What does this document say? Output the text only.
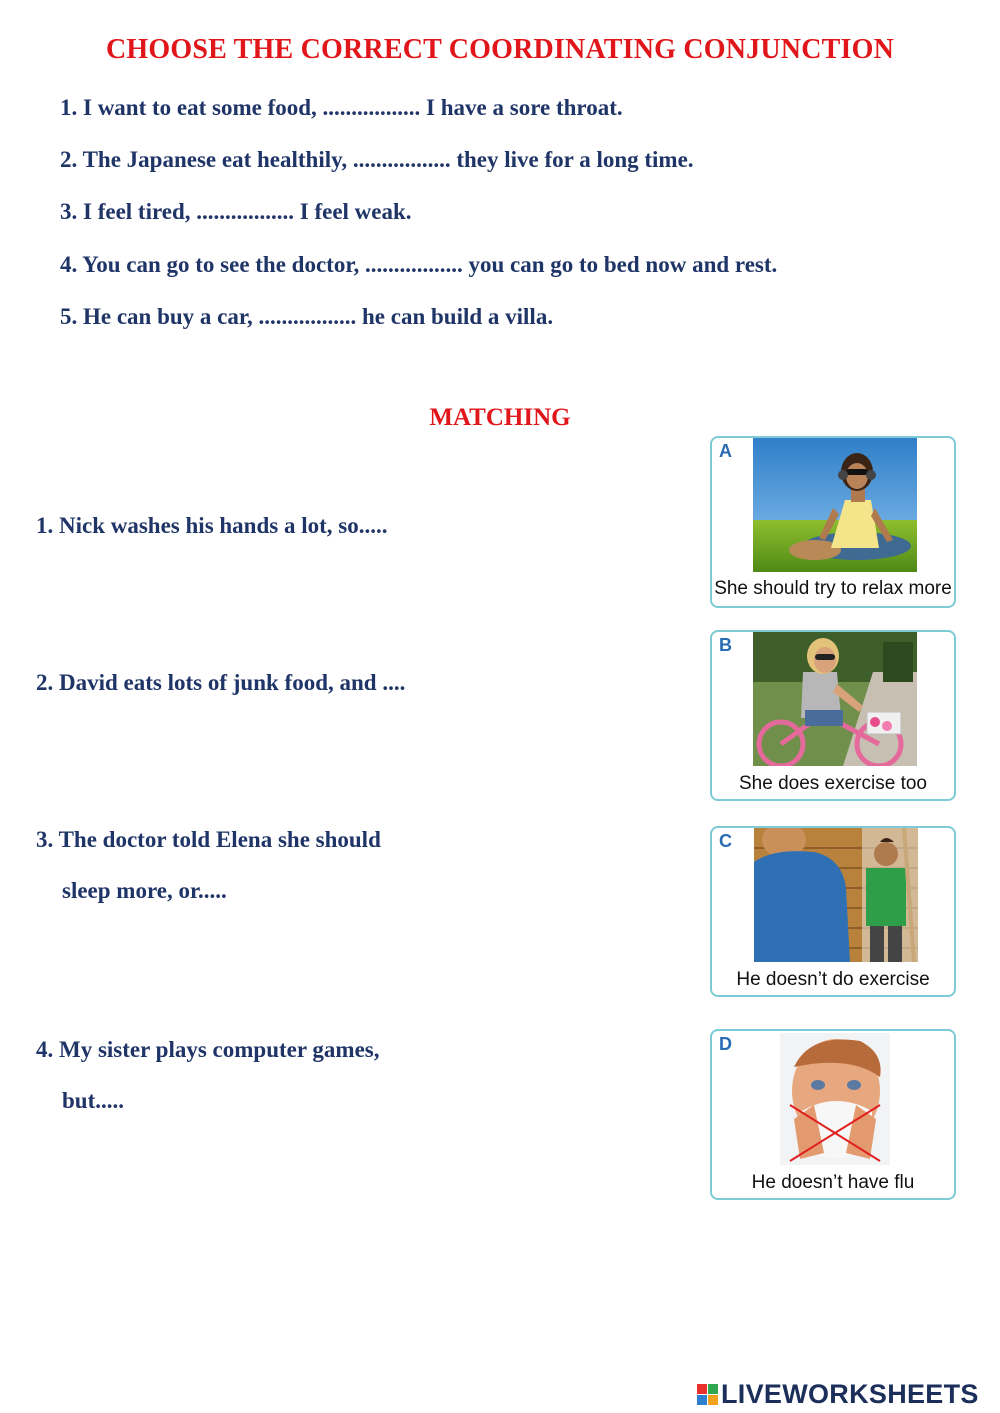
CHOOSE THE CORRECT COORDINATING CONJUNCTION
1. I want to eat some food, ................. I have a sore throat.
2. The Japanese eat healthily, ................. they live for a long time.
3. I feel tired, ................. I feel weak.
4. You can go to see the doctor, ................. you can go to bed now and rest.
5. He can buy a car, ................. he can build a villa.
MATCHING
1. Nick washes his hands a lot, so.....
2. David eats lots of junk food, and ....
3. The doctor told Elena she should
sleep more, or.....
4. My sister plays computer games,
but.....
A
She should try to relax more
B
She does exercise too
C
He doesn’t do exercise
D
He doesn’t have flu
LIVEWORKSHEETS
